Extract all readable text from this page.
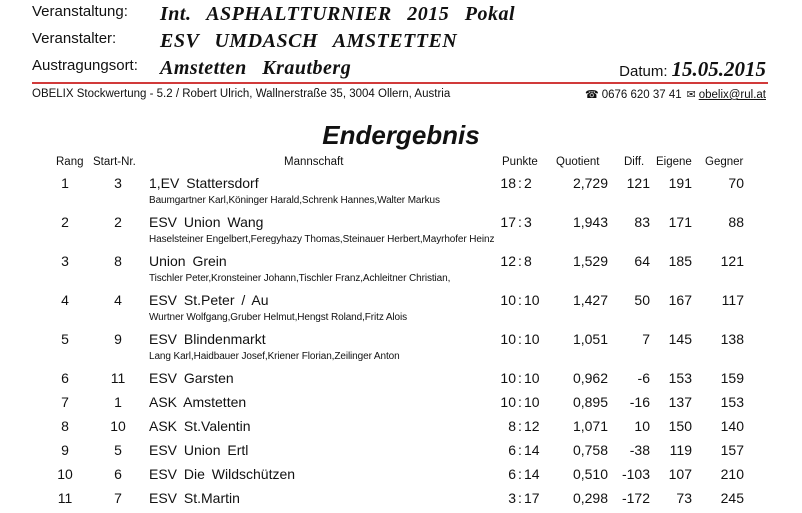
Veranstaltung: Int. ASPHALTTURNIER 2015 Pokal
Veranstalter: ESV UMDASCH AMSTETTEN
Austragungsort: Amstetten Krautberg	Datum: 15.05.2015
OBELIX Stockwertung - 5.2 / Robert Ulrich, Wallnerstraße 35, 3004 Ollern, Austria	☎ 0676 620 37 41 ✉ obelix@rul.at
Endergebnis
Rang Start-Nr.	Mannschaft	Punkte Quotient Diff. Eigene Gegner
1	3	1,EV Stattersdorf	18 : 2	2,729	121	191	70
Baumgartner Karl,Köninger Harald,Schrenk Hannes,Walter Markus
2	2	ESV Union Wang	17 : 3	1,943	83	171	88
Haselsteiner Engelbert,Feregyhazy Thomas,Steinauer Herbert,Mayrhofer Heinz
3	8	Union Grein	12 : 8	1,529	64	185	121
Tischler Peter,Kronsteiner Johann,Tischler Franz,Achleitner Christian,
4	4	ESV St.Peter / Au	10 : 10	1,427	50	167	117
Wurtner Wolfgang,Gruber Helmut,Hengst Roland,Fritz Alois
5	9	ESV Blindenmarkt	10 : 10	1,051	7	145	138
Lang Karl,Haidbauer Josef,Kriener Florian,Zeilinger Anton
6	11	ESV Garsten	10 : 10	0,962	-6	153	159
7	1	ASK Amstetten	10 : 10	0,895	-16	137	153
8	10	ASK St.Valentin	8 : 12	1,071	10	150	140
9	5	ESV Union Ertl	6 : 14	0,758	-38	119	157
10	6	ESV Die Wildschützen	6 : 14	0,510 -103	107	210
11	7	ESV St.Martin	3 : 17	0,298 -172	73	245
